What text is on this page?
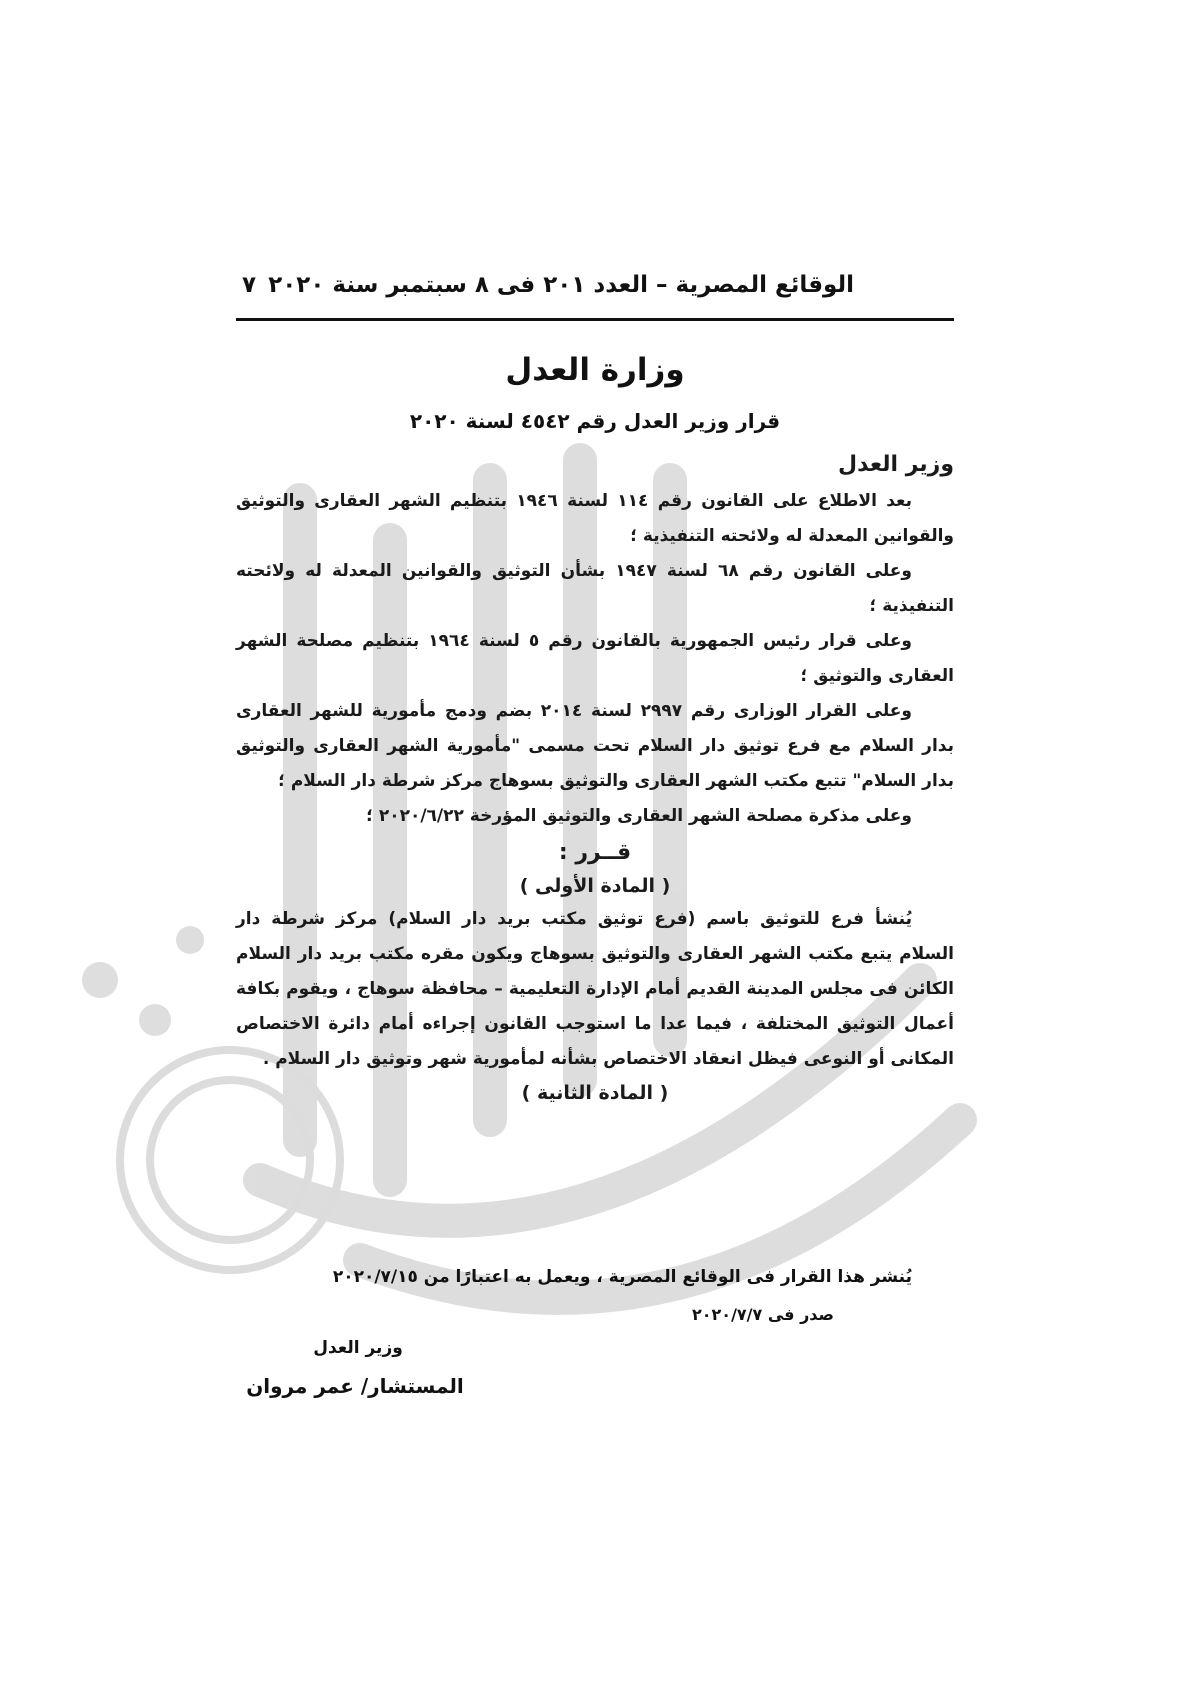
الوقائع المصرية – العدد ٢٠١ فى ٨ سبتمبر سنة ٢٠٢٠
٧
وزارة العدل
قرار وزير العدل رقم ٤٥٤٢ لسنة ٢٠٢٠

وزير العدل

بعد الاطلاع على القانون رقم ١١٤ لسنة ١٩٤٦ بتنظيم الشهر العقارى والتوثيق والقوانين المعدلة له ولائحته التنفيذية ؛

وعلى القانون رقم ٦٨ لسنة ١٩٤٧ بشأن التوثيق والقوانين المعدلة له ولائحته التنفيذية ؛

وعلى قرار رئيس الجمهورية بالقانون رقم ٥ لسنة ١٩٦٤ بتنظيم مصلحة الشهر العقارى والتوثيق ؛

وعلى القرار الوزارى رقم ٢٩٩٧ لسنة ٢٠١٤ بضم ودمج مأمورية للشهر العقارى بدار السلام مع فرع توثيق دار السلام تحت مسمى "مأمورية الشهر العقارى والتوثيق بدار السلام" تتبع مكتب الشهر العقارى والتوثيق بسوهاج مركز شرطة دار السلام ؛

وعلى مذكرة مصلحة الشهر العقارى والتوثيق المؤرخة ٢٠٢٠/٦/٢٢ ؛

قــرر :
( المادة الأولى )

يُنشأ فرع للتوثيق باسم (فرع توثيق مكتب بريد دار السلام) مركز شرطة دار السلام يتبع مكتب الشهر العقارى والتوثيق بسوهاج ويكون مقره مكتب بريد دار السلام الكائن فى مجلس المدينة القديم أمام الإدارة التعليمية – محافظة سوهاج ، ويقوم بكافة أعمال التوثيق المختلفة ، فيما عدا ما استوجب القانون إجراءه أمام دائرة الاختصاص المكانى أو النوعى فيظل انعقاد الاختصاص بشأنه لمأمورية شهر وتوثيق دار السلام .

( المادة الثانية )

يُنشر هذا القرار فى الوقائع المصرية ، ويعمل به اعتبارًا من ٢٠٢٠/٧/١٥

صدر فى ٢٠٢٠/٧/٧
وزير العدل
المستشار/ عمر مروان
